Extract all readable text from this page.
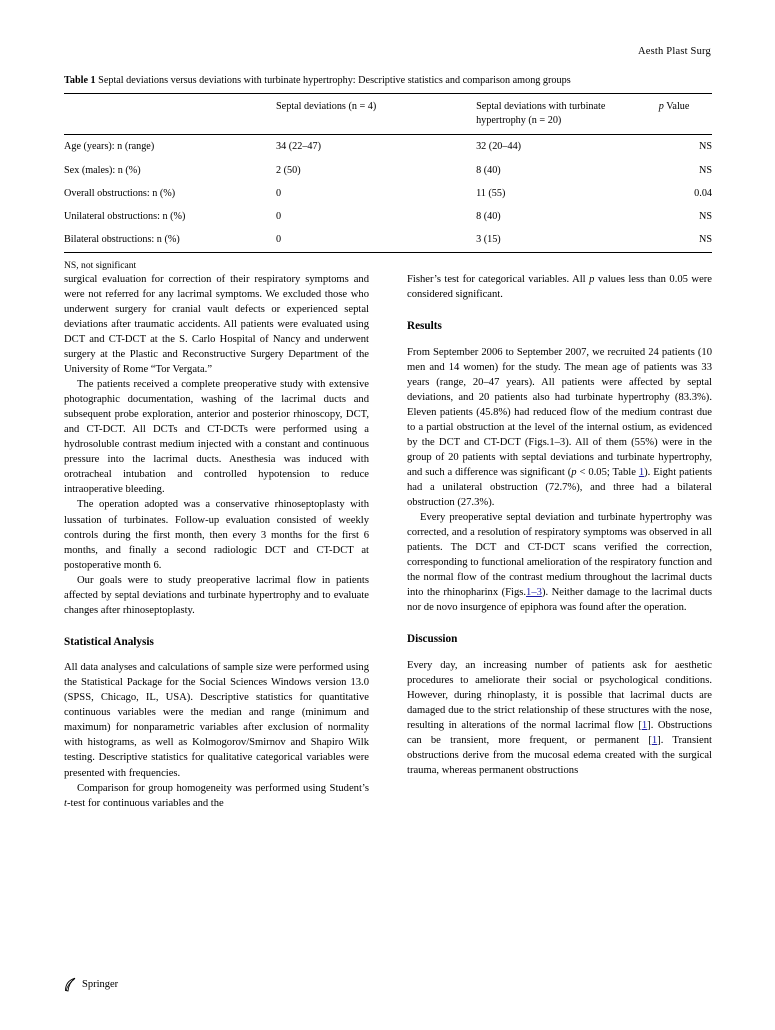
Aesth Plast Surg
Table 1 Septal deviations versus deviations with turbinate hypertrophy: Descriptive statistics and comparison among groups
	Septal deviations (n = 4)	Septal deviations with turbinate hypertrophy (n = 20)	p Value
Age (years): n (range)	34 (22–47)	32 (20–44)	NS
Sex (males): n (%)	2 (50)	8 (40)	NS
Overall obstructions: n (%)	0	11 (55)	0.04
Unilateral obstructions: n (%)	0	8 (40)	NS
Bilateral obstructions: n (%)	0	3 (15)	NS
NS, not significant

surgical evaluation for correction of their respiratory symptoms and were not referred for any lacrimal symptoms. We excluded those who underwent surgery for cranial vault defects or experienced septal deviations after traumatic accidents. All patients were evaluated using DCT and CT-DCT at the S. Carlo Hospital of Nancy and underwent surgery at the Plastic and Reconstructive Surgery Department of the University of Rome “Tor Vergata.”

The patients received a complete preoperative study with extensive photographic documentation, washing of the lacrimal ducts and subsequent probe exploration, anterior and posterior rhinoscopy, DCT, and CT-DCT. All DCTs and CT-DCTs were performed using a hydrosoluble contrast medium injected with a constant and continuous pressure into the lacrimal ducts. Anesthesia was induced with orotracheal intubation and controlled hypotension to reduce intraoperative bleeding.

The operation adopted was a conservative rhinoseptoplasty with lussation of turbinates. Follow-up evaluation consisted of weekly controls during the first month, then every 3 months for the first 6 months, and finally a second radiologic DCT and CT-DCT at postoperative month 6.

Our goals were to study preoperative lacrimal flow in patients affected by septal deviations and turbinate hypertrophy and to evaluate changes after rhinoseptoplasty.

Statistical Analysis

All data analyses and calculations of sample size were performed using the Statistical Package for the Social Sciences Windows version 13.0 (SPSS, Chicago, IL, USA). Descriptive statistics for quantitative continuous variables were the median and range (minimum and maximum) for nonparametric variables after exclusion of normality with histograms, as well as Kolmogorov/Smirnov and Shapiro Wilk testing. Descriptive statistics for qualitative categorical variables were presented with frequencies.

Comparison for group homogeneity was performed using Student’s t-test for continuous variables and the

Fisher’s test for categorical variables. All p values less than 0.05 were considered significant.

Results

From September 2006 to September 2007, we recruited 24 patients (10 men and 14 women) for the study. The mean age of patients was 33 years (range, 20–47 years). All patients were affected by septal deviations, and 20 patients also had turbinate hypertrophy (83.3%). Eleven patients (45.8%) had reduced flow of the medium contrast due to a partial obstruction at the level of the internal ostium, as evidenced by the DCT and CT-DCT (Figs.1–3). All of them (55%) were in the group of 20 patients with septal deviations and turbinate hypertrophy, and such a difference was significant (p < 0.05; Table 1). Eight patients had a unilateral obstruction (72.7%), and three had a bilateral obstruction (27.3%).

Every preoperative septal deviation and turbinate hypertrophy was corrected, and a resolution of respiratory symptoms was observed in all patients. The DCT and CT-DCT scans verified the correction, corresponding to functional amelioration of the respiratory function and the normal flow of the contrast medium throughout the lacrimal ducts into the rhinopharinx (Figs.1–3). Neither damage to the lacrimal ducts nor de novo insurgence of epiphora was found after the operation.

Discussion

Every day, an increasing number of patients ask for aesthetic procedures to ameliorate their social or psychological conditions. However, during rhinoplasty, it is possible that lacrimal ducts are damaged due to the strict relationship of these structures with the nose, resulting in alterations of the normal lacrimal flow [1]. Obstructions can be transient, more frequent, or permanent [1]. Transient obstructions derive from the mucosal edema created with the surgical trauma, whereas permanent obstructions

Springer
